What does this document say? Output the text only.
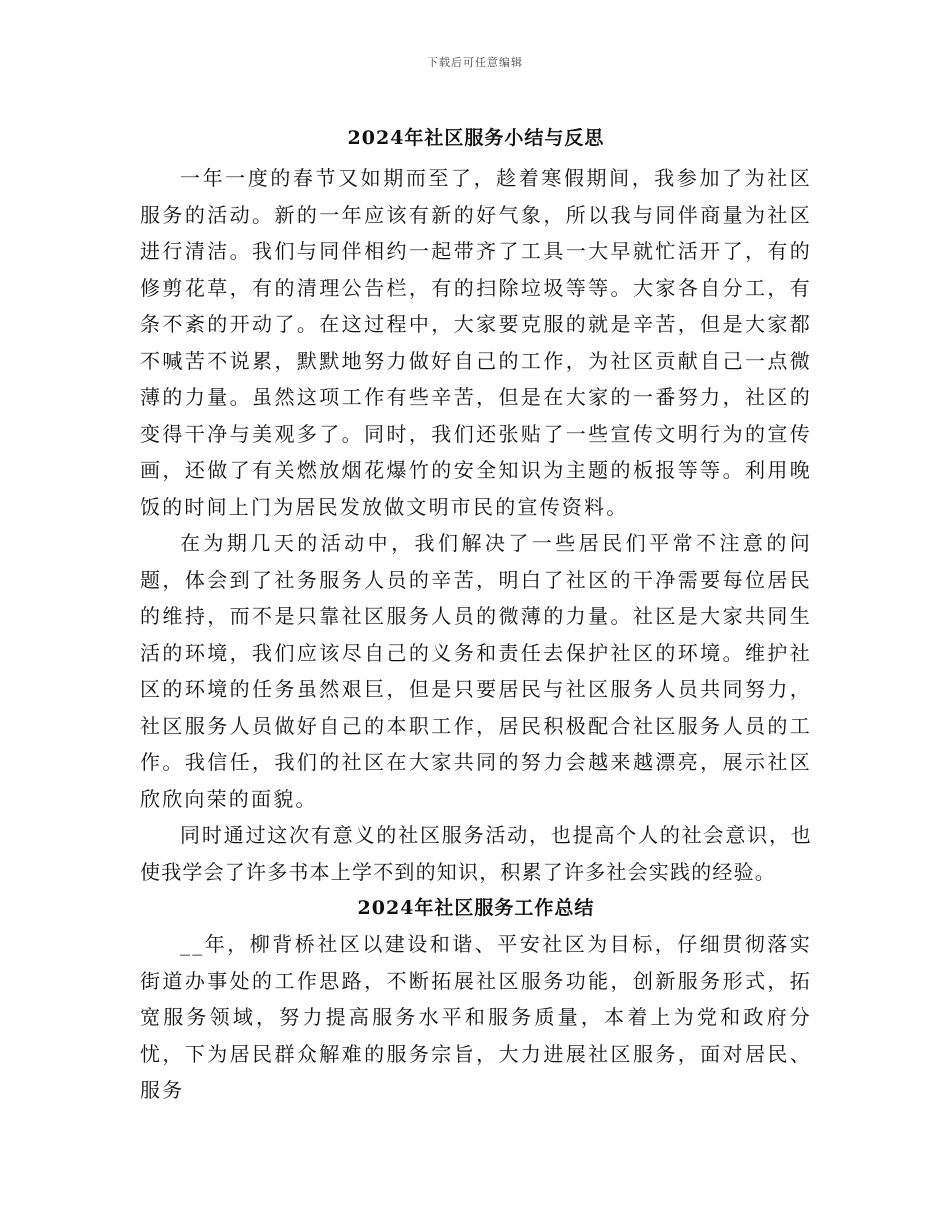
下载后可任意编辑
2024年社区服务小结与反思

一年一度的春节又如期而至了，趁着寒假期间，我参加了为社区服务的活动。新的一年应该有新的好气象，所以我与同伴商量为社区进行清洁。我们与同伴相约一起带齐了工具一大早就忙活开了，有的修剪花草，有的清理公告栏，有的扫除垃圾等等。大家各自分工，有条不紊的开动了。在这过程中，大家要克服的就是辛苦，但是大家都不喊苦不说累，默默地努力做好自己的工作，为社区贡献自己一点微薄的力量。虽然这项工作有些辛苦，但是在大家的一番努力，社区的变得干净与美观多了。同时，我们还张贴了一些宣传文明行为的宣传画，还做了有关燃放烟花爆竹的安全知识为主题的板报等等。利用晚饭的时间上门为居民发放做文明市民的宣传资料。

在为期几天的活动中，我们解决了一些居民们平常不注意的问题，体会到了社务服务人员的辛苦，明白了社区的干净需要每位居民的维持，而不是只靠社区服务人员的微薄的力量。社区是大家共同生活的环境，我们应该尽自己的义务和责任去保护社区的环境。维护社区的环境的任务虽然艰巨，但是只要居民与社区服务人员共同努力，社区服务人员做好自己的本职工作，居民积极配合社区服务人员的工作。我信任，我们的社区在大家共同的努力会越来越漂亮，展示社区欣欣向荣的面貌。

同时通过这次有意义的社区服务活动，也提高个人的社会意识，也使我学会了许多书本上学不到的知识，积累了许多社会实践的经验。

2024年社区服务工作总结

__年，柳背桥社区以建设和谐、平安社区为目标，仔细贯彻落实街道办事处的工作思路，不断拓展社区服务功能，创新服务形式，拓宽服务领域，努力提高服务水平和服务质量，本着上为党和政府分忧，下为居民群众解难的服务宗旨，大力进展社区服务，面对居民、服务
